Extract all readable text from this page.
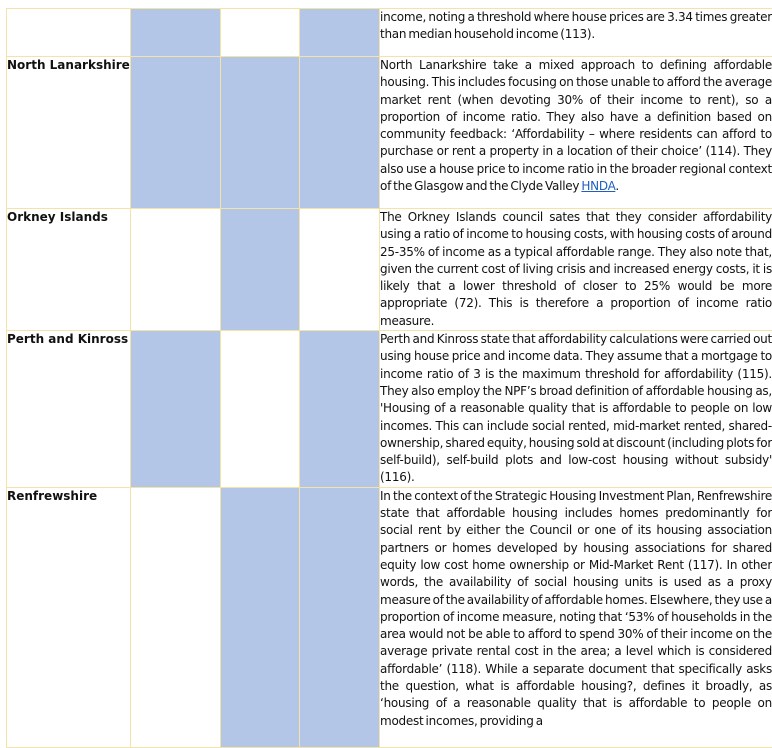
				income, noting a threshold where house prices are 3.34 times greater than median household income (113).
North Lanarkshire				North Lanarkshire take a mixed approach to defining affordable housing. This includes focusing on those unable to afford the average market rent (when devoting 30% of their income to rent), so a proportion of income ratio. They also have a definition based on community feedback: ‘Affordability – where residents can afford to purchase or rent a property in a location of their choice’ (114). They also use a house price to income ratio in the broader regional context of the Glasgow and the Clyde Valley HNDA.
Orkney Islands				The Orkney Islands council sates that they consider affordability using a ratio of income to housing costs, with housing costs of around 25-35% of income as a typical affordable range. They also note that, given the current cost of living crisis and increased energy costs, it is likely that a lower threshold of closer to 25% would be more appropriate (72). This is therefore a proportion of income ratio measure.
Perth and Kinross				Perth and Kinross state that affordability calculations were carried out using house price and income data. They assume that a mortgage to income ratio of 3 is the maximum threshold for affordability (115). They also employ the NPF’s broad definition of affordable housing as, 'Housing of a reasonable quality that is affordable to people on low incomes. This can include social rented, mid-market rented, shared-ownership, shared equity, housing sold at discount (including plots for self-build), self-build plots and low-cost housing without subsidy' (116).
Renfrewshire				In the context of the Strategic Housing Investment Plan, Renfrewshire state that affordable housing includes homes predominantly for social rent by either the Council or one of its housing association partners or homes developed by housing associations for shared equity low cost home ownership or Mid-Market Rent (117). In other words, the availability of social housing units is used as a proxy measure of the availability of affordable homes. Elsewhere, they use a proportion of income measure, noting that ‘53% of households in the area would not be able to afford to spend 30% of their income on the average private rental cost in the area; a level which is considered affordable’ (118). While a separate document that specifically asks the question, what is affordable housing?, defines it broadly, as ‘housing of a reasonable quality that is affordable to people on modest incomes, providing a
